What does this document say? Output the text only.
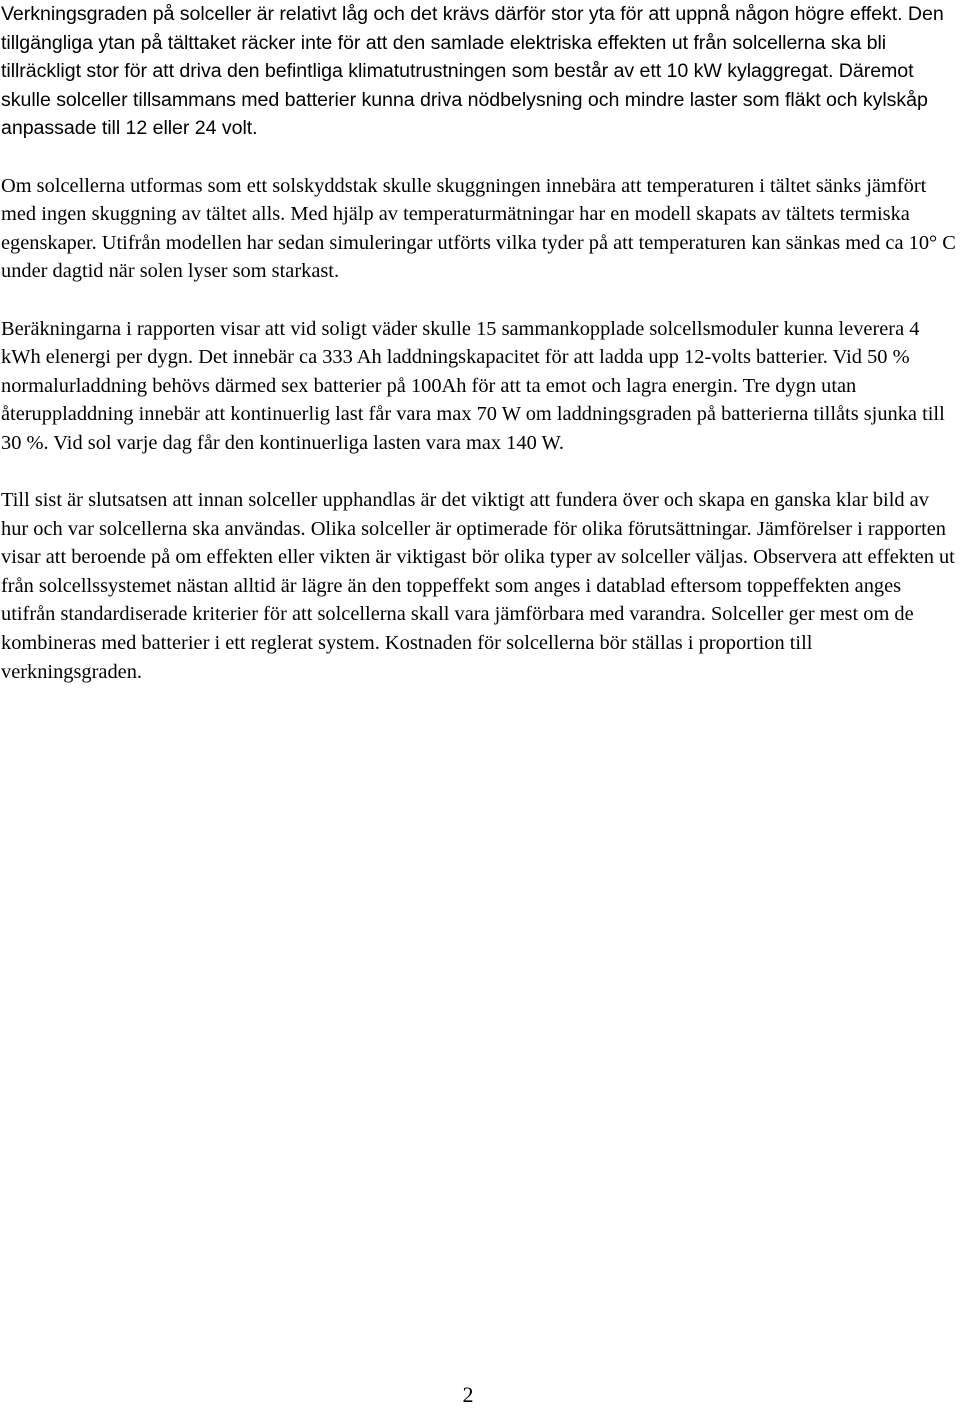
Verkningsgraden på solceller är relativt låg och det krävs därför stor yta för att uppnå någon högre effekt. Den tillgängliga ytan på tälttaket räcker inte för att den samlade elektriska effekten ut från solcellerna ska bli tillräckligt stor för att driva den befintliga klimatutrustningen som består av ett 10 kW kylaggregat. Däremot skulle solceller tillsammans med batterier kunna driva nödbelysning och mindre laster som fläkt och kylskåp anpassade till 12 eller 24 volt.

Om solcellerna utformas som ett solskyddstak skulle skuggningen innebära att temperaturen i tältet sänks jämfört med ingen skuggning av tältet alls. Med hjälp av temperaturmätningar har en modell skapats av tältets termiska egenskaper. Utifrån modellen har sedan simuleringar utförts vilka tyder på att temperaturen kan sänkas med ca 10° C under dagtid när solen lyser som starkast.

Beräkningarna i rapporten visar att vid soligt väder skulle 15 sammankopplade solcellsmoduler kunna leverera 4 kWh elenergi per dygn. Det innebär ca 333 Ah laddningskapacitet för att ladda upp 12-volts batterier. Vid 50 % normalurladdning behövs därmed sex batterier på 100Ah för att ta emot och lagra energin. Tre dygn utan återuppladdning innebär att kontinuerlig last får vara max 70 W om laddningsgraden på batterierna tillåts sjunka till 30 %. Vid sol varje dag får den kontinuerliga lasten vara max 140 W.

Till sist är slutsatsen att innan solceller upphandlas är det viktigt att fundera över och skapa en ganska klar bild av hur och var solcellerna ska användas. Olika solceller är optimerade för olika förutsättningar. Jämförelser i rapporten visar att beroende på om effekten eller vikten är viktigast bör olika typer av solceller väljas. Observera att effekten ut från solcellssystemet nästan alltid är lägre än den toppeffekt som anges i datablad eftersom toppeffekten anges utifrån standardiserade kriterier för att solcellerna skall vara jämförbara med varandra. Solceller ger mest om de kombineras med batterier i ett reglerat system. Kostnaden för solcellerna bör ställas i proportion till verkningsgraden.

2
